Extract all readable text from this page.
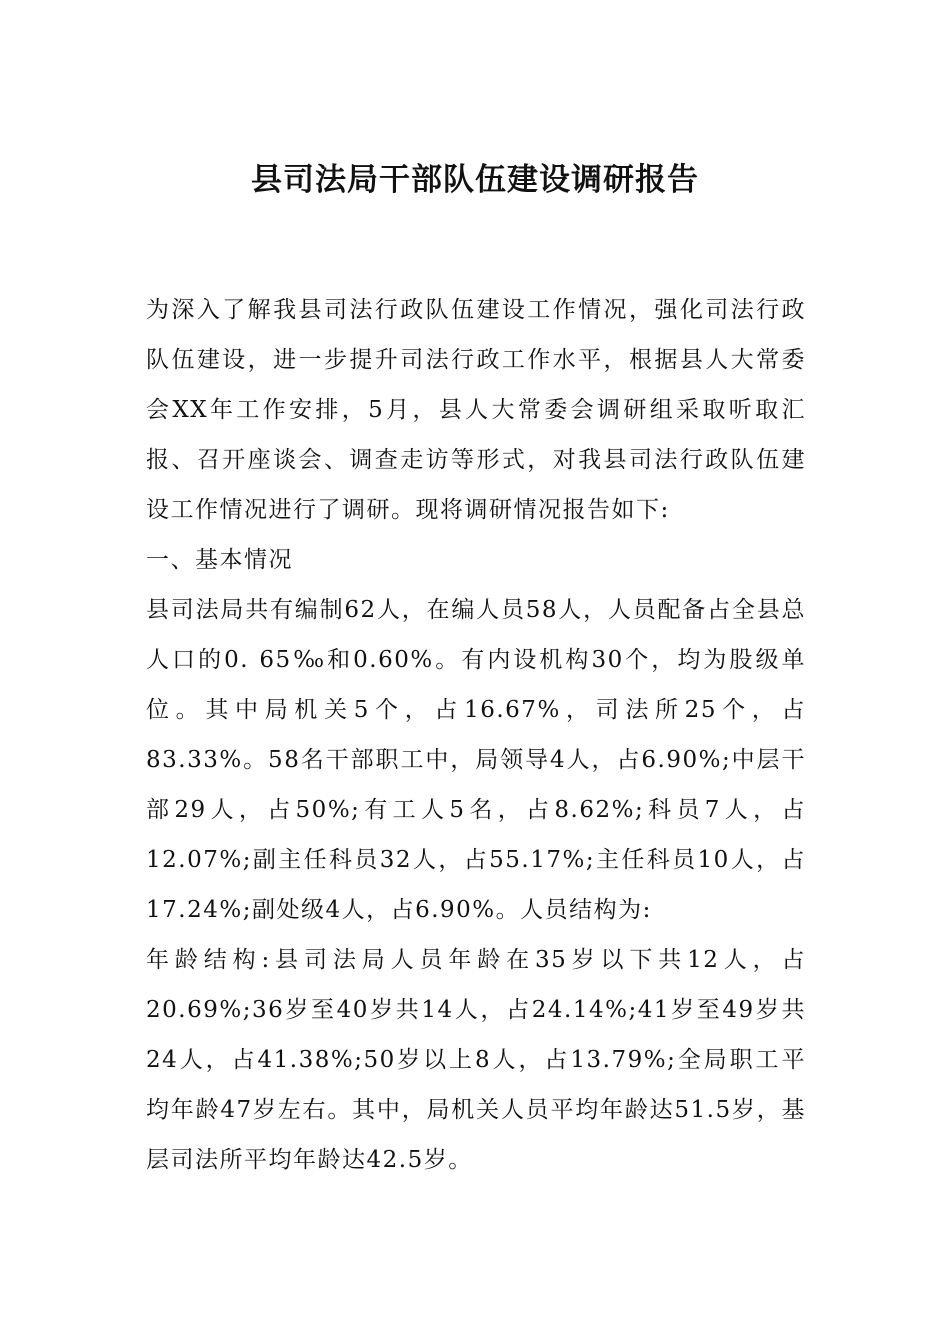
县司法局干部队伍建设调研报告

为深入了解我县司法行政队伍建设工作情况，强化司法行政队伍建设，进一步提升司法行政工作水平，根据县人大常委会XX年工作安排，5月，县人大常委会调研组采取听取汇报、召开座谈会、调查走访等形式，对我县司法行政队伍建设工作情况进行了调研。现将调研情况报告如下:

一、基本情况

县司法局共有编制62人，在编人员58人，人员配备占全县总人口的0. 65‰和0.60%。有内设机构30个，均为股级单位。其中局机关5个，占16.67%，司法所25个，占83.33%。58名干部职工中，局领导4人，占6.90%;中层干部29人，占50%;有工人5名，占8.62%;科员7人，占12.07%;副主任科员32人，占55.17%;主任科员10人，占17.24%;副处级4人，占6.90%。人员结构为:

年龄结构:县司法局人员年龄在35岁以下共12人，占20.69%;36岁至40岁共14人，占24.14%;41岁至49岁共24人，占41.38%;50岁以上8人，占13.79%;全局职工平均年龄47岁左右。其中，局机关人员平均年龄达51.5岁，基层司法所平均年龄达42.5岁。
